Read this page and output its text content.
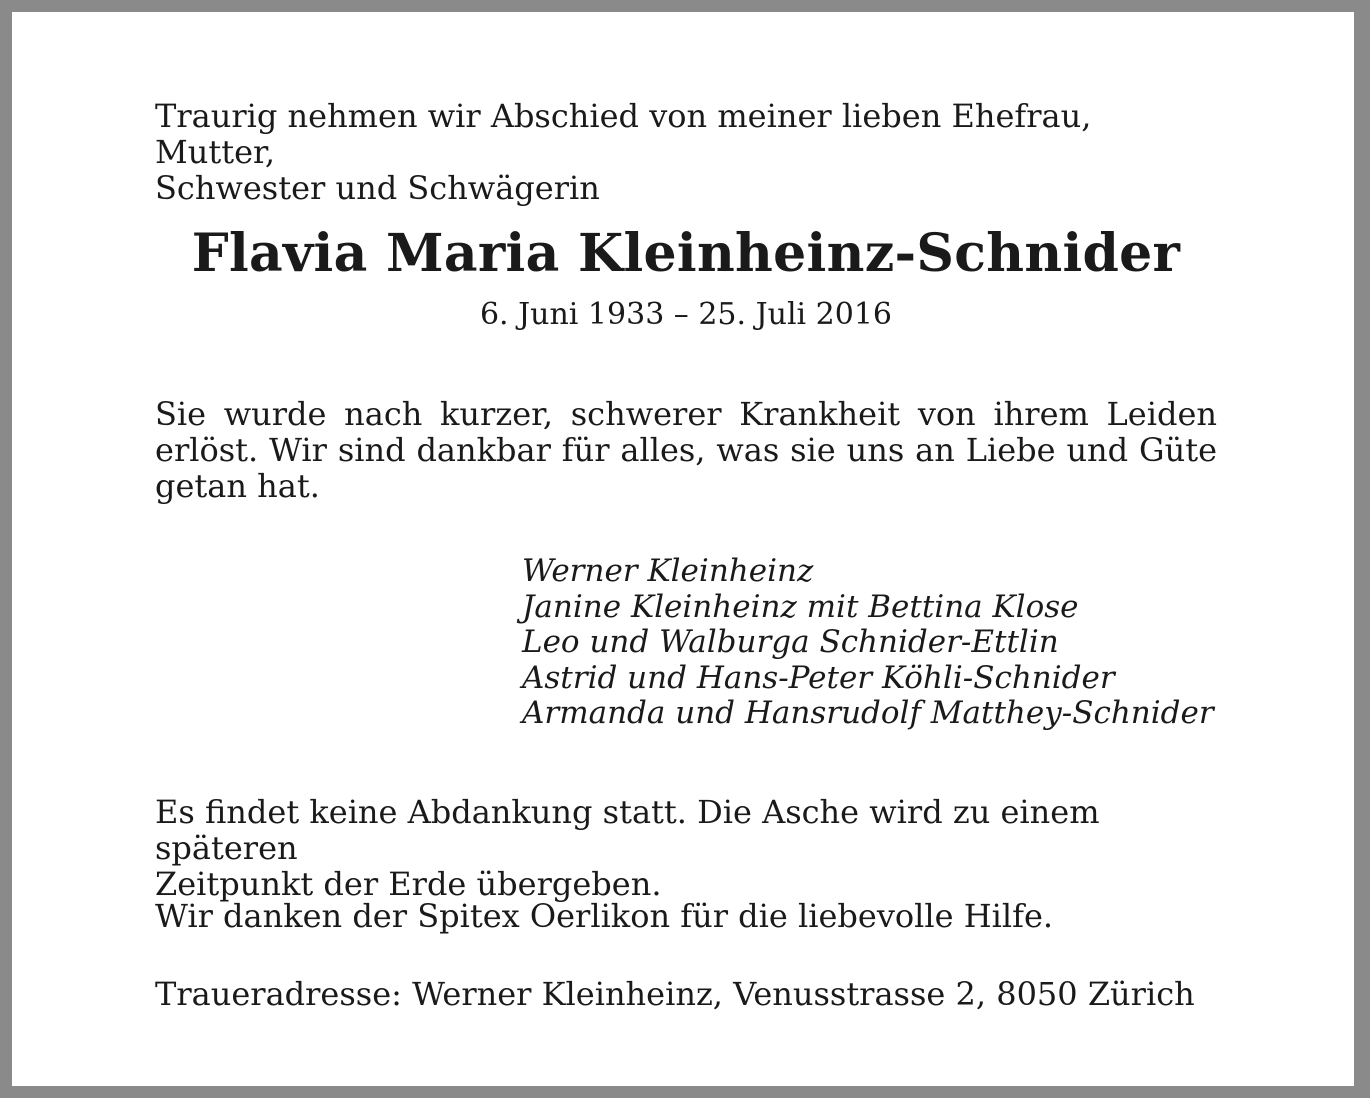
Traurig nehmen wir Abschied von meiner lieben Ehefrau, Mutter,
Schwester und Schwägerin

Flavia Maria Kleinheinz-Schnider

6. Juni 1933 – 25. Juli 2016

Sie wurde nach kurzer, schwerer Krankheit von ihrem Leiden erlöst. Wir sind dankbar für alles, was sie uns an Liebe und Güte getan hat.

Werner Kleinheinz
Janine Kleinheinz mit Bettina Klose
Leo und Walburga Schnider-Ettlin
Astrid und Hans-Peter Köhli-Schnider
Armanda und Hansrudolf Matthey-Schnider

Es findet keine Abdankung statt. Die Asche wird zu einem späteren
Zeitpunkt der Erde übergeben.

Wir danken der Spitex Oerlikon für die liebevolle Hilfe.

Traueradresse: Werner Kleinheinz, Venusstrasse 2, 8050 Zürich
